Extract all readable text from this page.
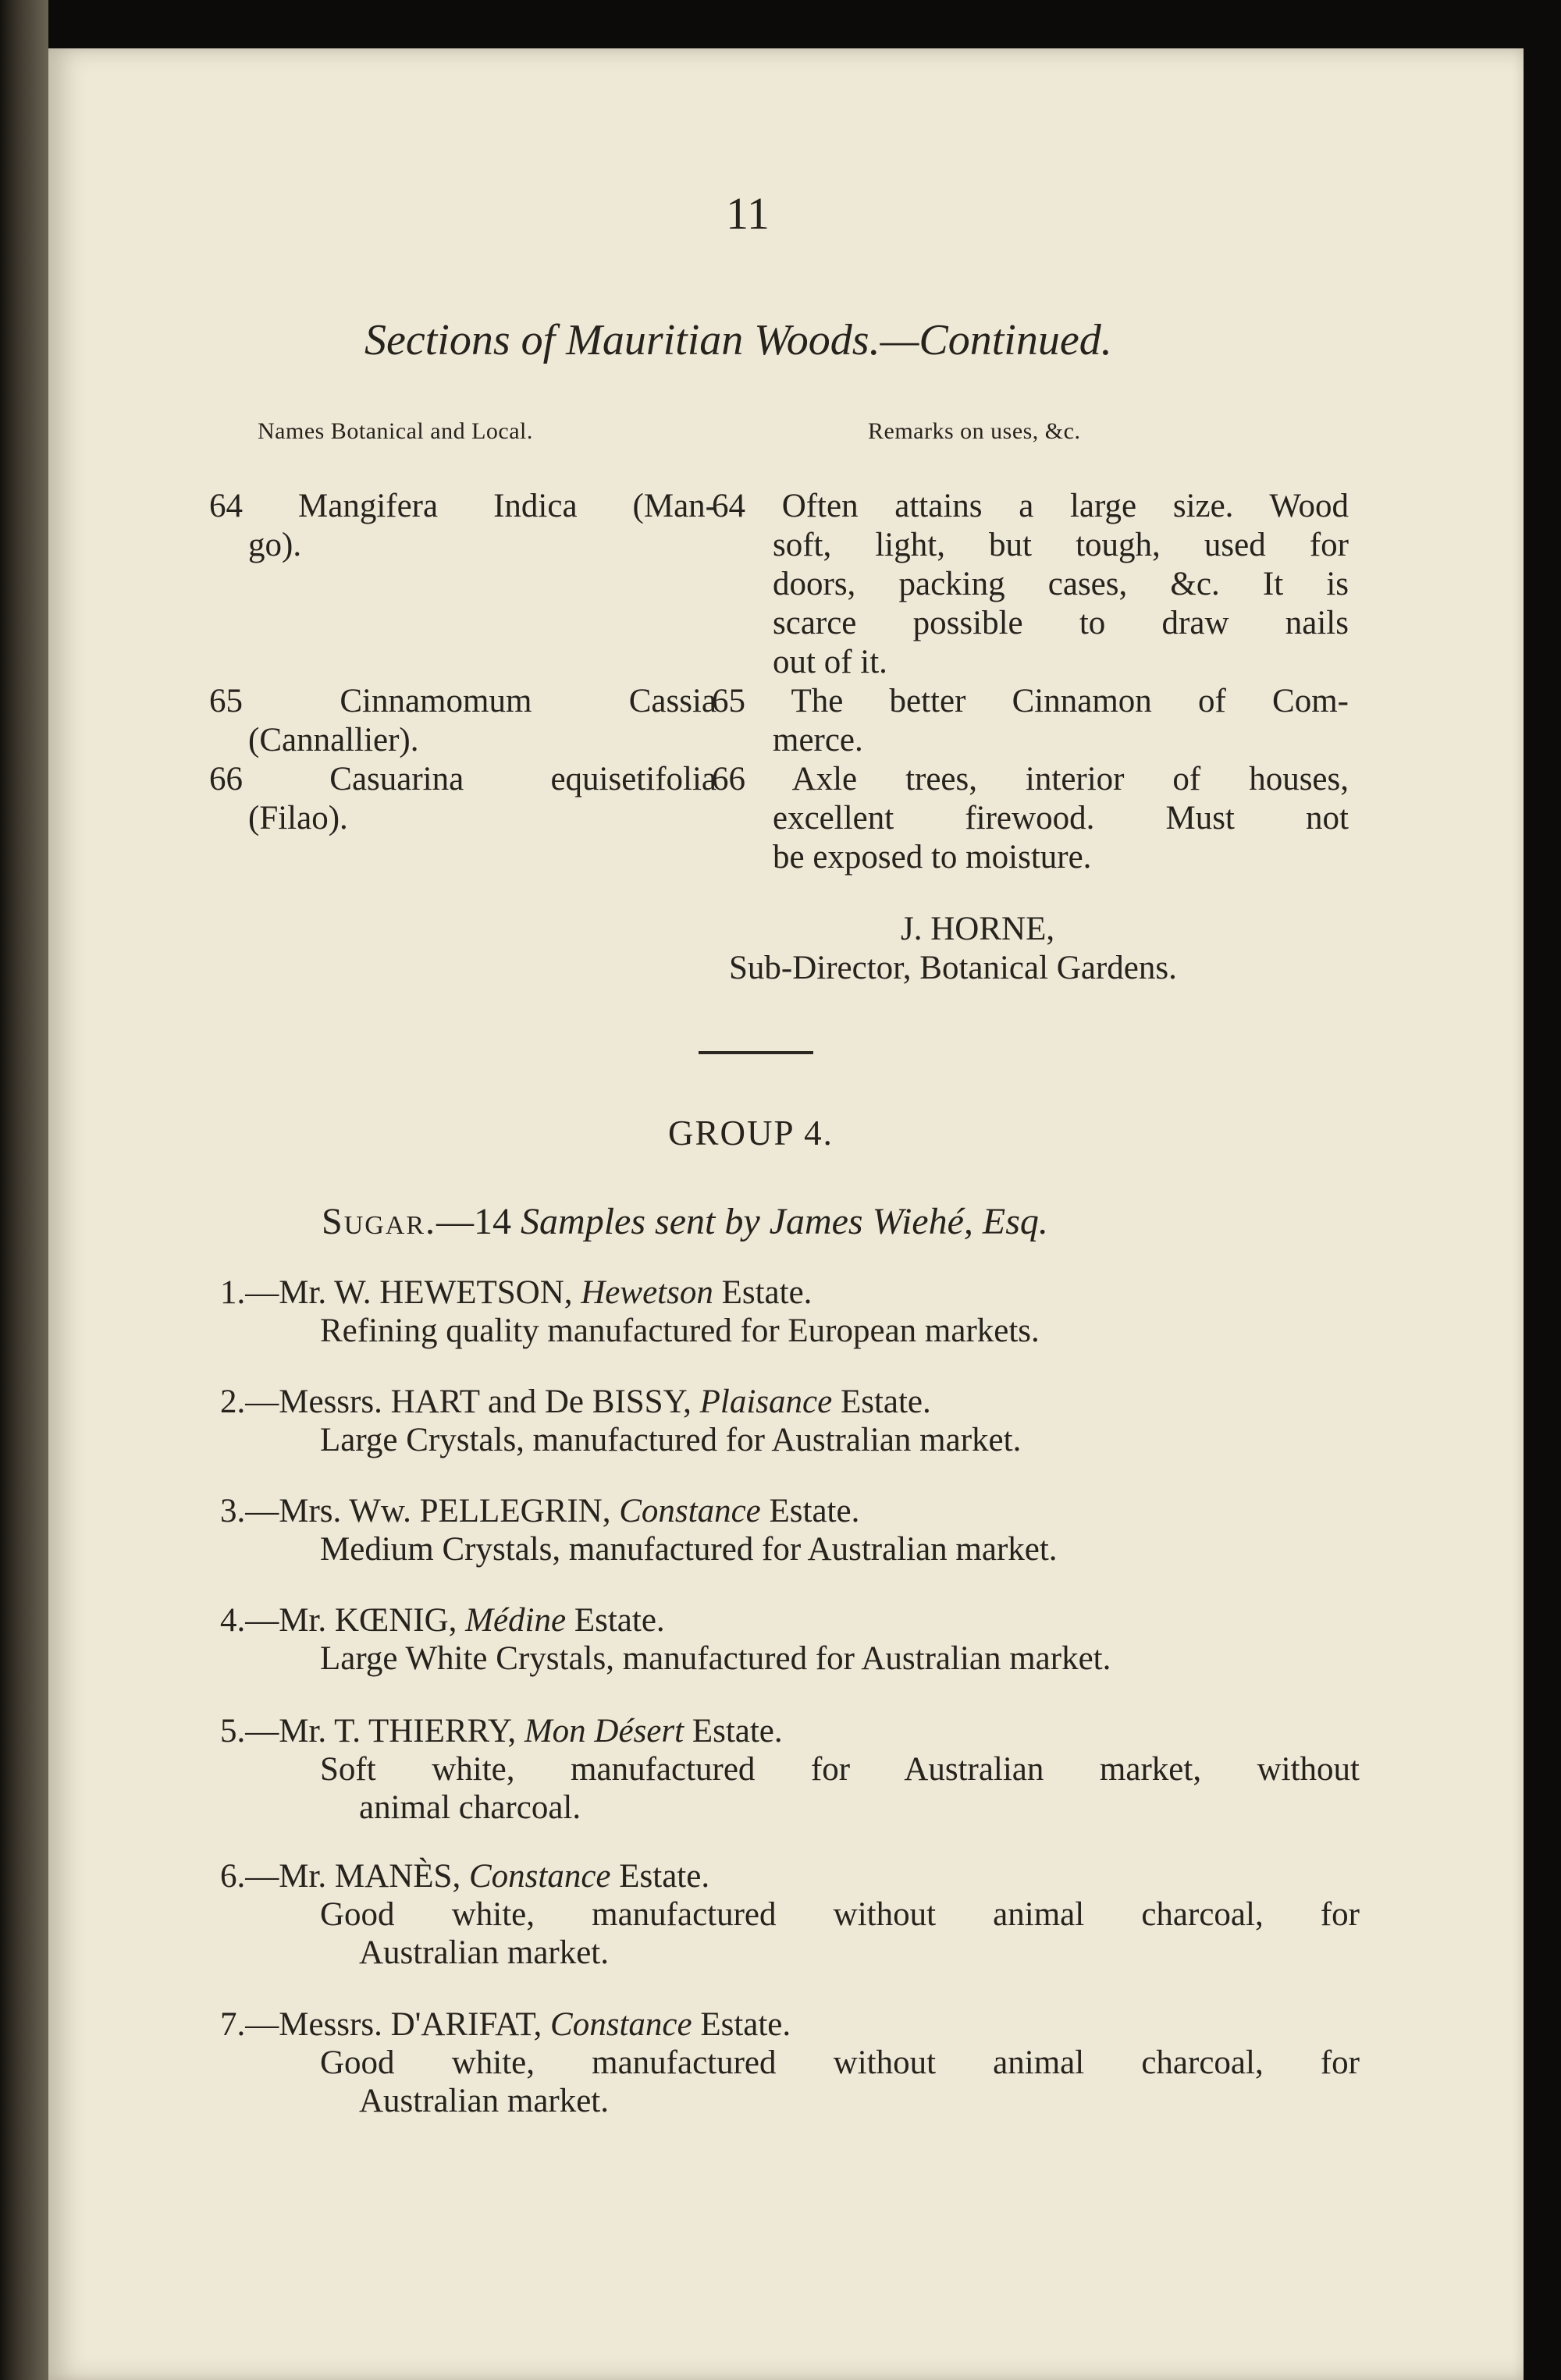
11
Sections of Mauritian Woods.—Continued.
Names Botanical and Local.	Remarks on uses, &c.
64 Mangifera Indica (Man-
go).
64 Often attains a large size. Wood
soft, light, but tough, used for
doors, packing cases, &c. It is
scarce possible to draw nails
out of it.
65 Cinnamomum Cassia
(Cannallier).
65 The better Cinnamon of Com-
merce.
66 Casuarina equisetifolia
(Filao).
66 Axle trees, interior of houses,
excellent firewood. Must not
be exposed to moisture.
J. HORNE,
Sub-Director, Botanical Gardens.
GROUP 4.
Sugar.—14 Samples sent by James Wiehé, Esq.
1.—Mr. W. HEWETSON, Hewetson Estate.
Refining quality manufactured for European markets.
2.—Messrs. HART and De BISSY, Plaisance Estate.
Large Crystals, manufactured for Australian market.
3.—Mrs. Ww. PELLEGRIN, Constance Estate.
Medium Crystals, manufactured for Australian market.
4.—Mr. KŒNIG, Médine Estate.
Large White Crystals, manufactured for Australian market.
5.—Mr. T. THIERRY, Mon Désert Estate.
Soft white, manufactured for Australian market, without
animal charcoal.
6.—Mr. MANÈS, Constance Estate.
Good white, manufactured without animal charcoal, for
Australian market.
7.—Messrs. D'ARIFAT, Constance Estate.
Good white, manufactured without animal charcoal, for
Australian market.
